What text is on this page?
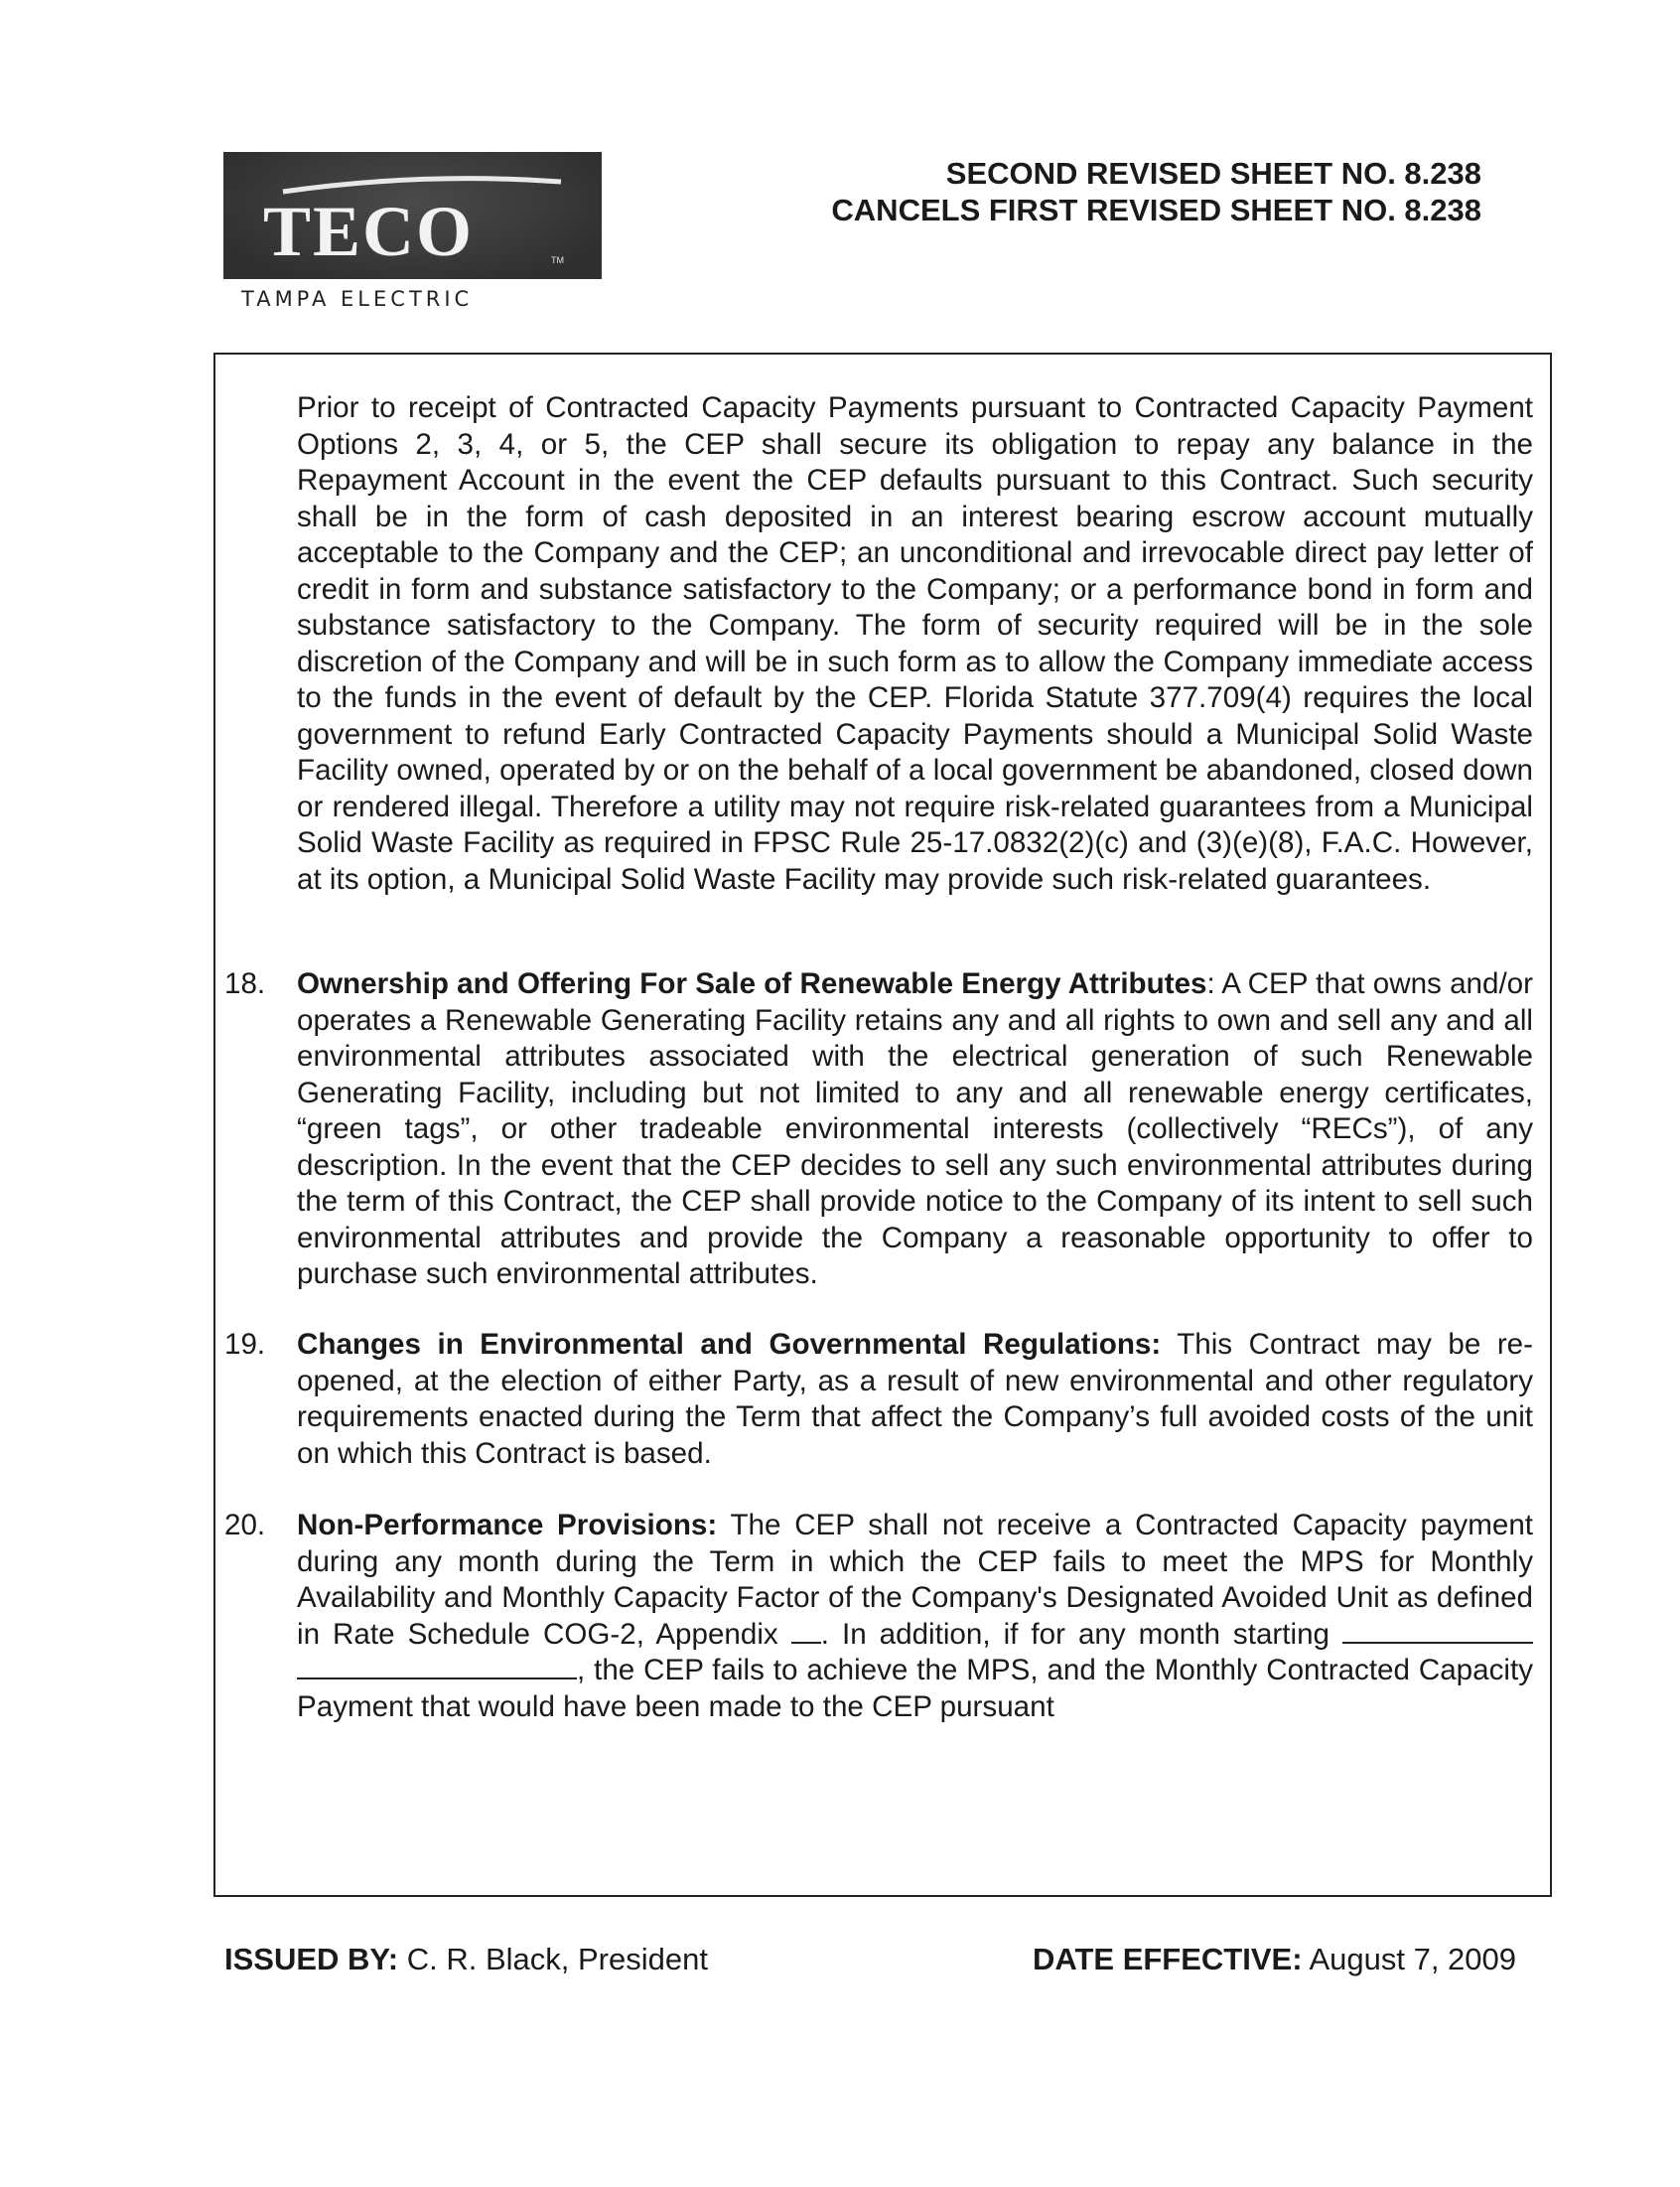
TECO	TM
TAMPA ELECTRIC
SECOND REVISED SHEET NO. 8.238
CANCELS FIRST REVISED SHEET NO. 8.238
Prior to receipt of Contracted Capacity Payments pursuant to Contracted Capacity Payment Options 2, 3, 4, or 5, the CEP shall secure its obligation to repay any balance in the Repayment Account in the event the CEP defaults pursuant to this Contract. Such security shall be in the form of cash deposited in an interest bearing escrow account mutually acceptable to the Company and the CEP; an unconditional and irrevocable direct pay letter of credit in form and substance satisfactory to the Company; or a performance bond in form and substance satisfactory to the Company. The form of security required will be in the sole discretion of the Company and will be in such form as to allow the Company immediate access to the funds in the event of default by the CEP. Florida Statute 377.709(4) requires the local government to refund Early Contracted Capacity Payments should a Municipal Solid Waste Facility owned, operated by or on the behalf of a local government be abandoned, closed down or rendered illegal. Therefore a utility may not require risk-related guarantees from a Municipal Solid Waste Facility as required in FPSC Rule 25-17.0832(2)(c) and (3)(e)(8), F.A.C. However, at its option, a Municipal Solid Waste Facility may provide such risk-related guarantees.
18. Ownership and Offering For Sale of Renewable Energy Attributes: A CEP that owns and/or operates a Renewable Generating Facility retains any and all rights to own and sell any and all environmental attributes associated with the electrical generation of such Renewable Generating Facility, including but not limited to any and all renewable energy certificates, “green tags”, or other tradeable environmental interests (collectively “RECs”), of any description. In the event that the CEP decides to sell any such environmental attributes during the term of this Contract, the CEP shall provide notice to the Company of its intent to sell such environmental attributes and provide the Company a reasonable opportunity to offer to purchase such environmental attributes.
19. Changes in Environmental and Governmental Regulations: This Contract may be re-opened, at the election of either Party, as a result of new environmental and other regulatory requirements enacted during the Term that affect the Company’s full avoided costs of the unit on which this Contract is based.
20. Non-Performance Provisions: The CEP shall not receive a Contracted Capacity payment during any month during the Term in which the CEP fails to meet the MPS for Monthly Availability and Monthly Capacity Factor of the Company's Designated Avoided Unit as defined in Rate Schedule COG-2, Appendix . In addition, if for any month starting  , the CEP fails to achieve the MPS, and the Monthly Contracted Capacity Payment that would have been made to the CEP pursuant
ISSUED BY: C. R. Black, President	DATE EFFECTIVE: August 7, 2009
